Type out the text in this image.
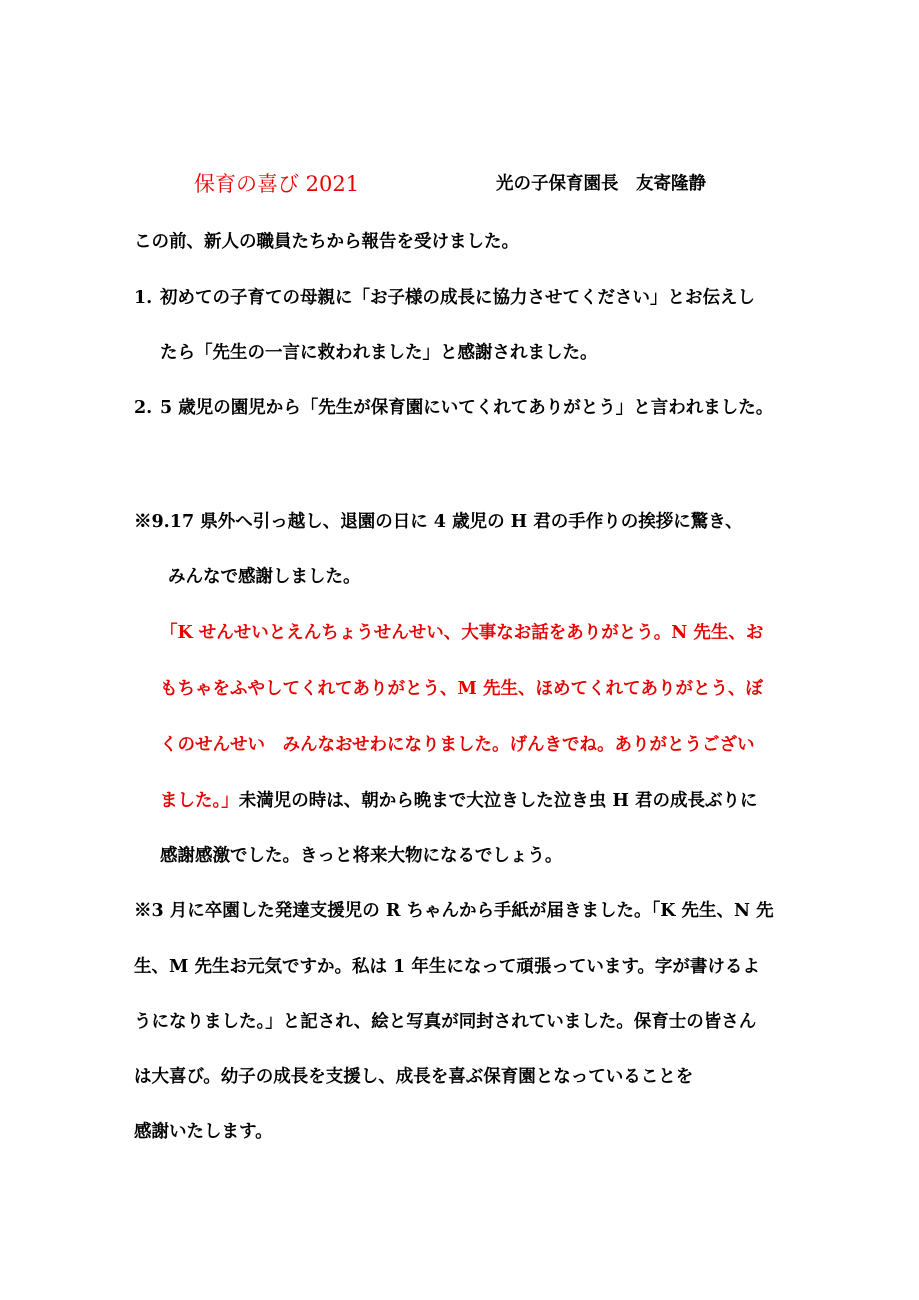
保育の喜び 2021	光の子保育園長　友寄隆静
この前、新人の職員たちから報告を受けました。
1. 初めての子育ての母親に「お子様の成長に協力させてください」とお伝えし
たら「先生の一言に救われました」と感謝されました。
2. 5 歳児の園児から「先生が保育園にいてくれてありがとう」と言われました。
※9.17 県外へ引っ越し、退園の日に 4 歳児の H 君の手作りの挨拶に驚き、
みんなで感謝しました。
「K せんせいとえんちょうせんせい、大事なお話をありがとう。N 先生、お
もちゃをふやしてくれてありがとう、M 先生、ほめてくれてありがとう、ぼ
くのせんせい　みんなおせわになりました。げんきでね。ありがとうござい
ました。」未満児の時は、朝から晩まで大泣きした泣き虫 H 君の成長ぶりに
感謝感激でした。きっと将来大物になるでしょう。
※3 月に卒園した発達支援児の R ちゃんから手紙が届きました。「K 先生、N 先
生、M 先生お元気ですか。私は 1 年生になって頑張っています。字が書けるよ
うになりました。」と記され、絵と写真が同封されていました。保育士の皆さん
は大喜び。幼子の成長を支援し、成長を喜ぶ保育園となっていることを
感謝いたします。
